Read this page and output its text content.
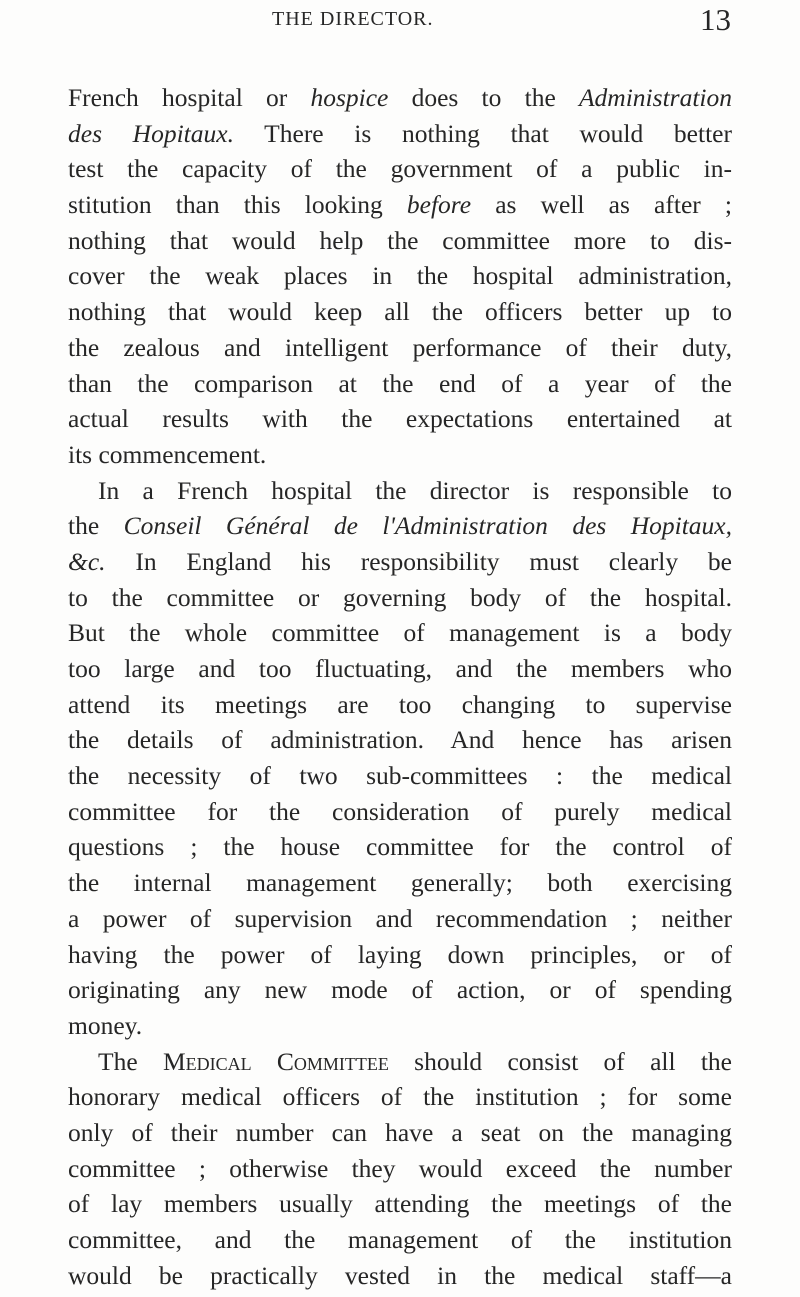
THE DIRECTOR.	13
French hospital or hospice does to the Administration
des Hopitaux. There is nothing that would better
test the capacity of the government of a public in-
stitution than this looking before as well as after ;
nothing that would help the committee more to dis-
cover the weak places in the hospital administration,
nothing that would keep all the officers better up to
the zealous and intelligent performance of their duty,
than the comparison at the end of a year of the
actual results with the expectations entertained at
its commencement.
In a French hospital the director is responsible to
the Conseil Général de l'Administration des Hopitaux,
&c. In England his responsibility must clearly be
to the committee or governing body of the hospital.
But the whole committee of management is a body
too large and too fluctuating, and the members who
attend its meetings are too changing to supervise
the details of administration. And hence has arisen
the necessity of two sub-committees : the medical
committee for the consideration of purely medical
questions ; the house committee for the control of
the internal management generally; both exercising
a power of supervision and recommendation ; neither
having the power of laying down principles, or of
originating any new mode of action, or of spending
money.
The Medical Committee should consist of all the
honorary medical officers of the institution ; for some
only of their number can have a seat on the managing
committee ; otherwise they would exceed the number
of lay members usually attending the meetings of the
committee, and the management of the institution
would be practically vested in the medical staff—a
